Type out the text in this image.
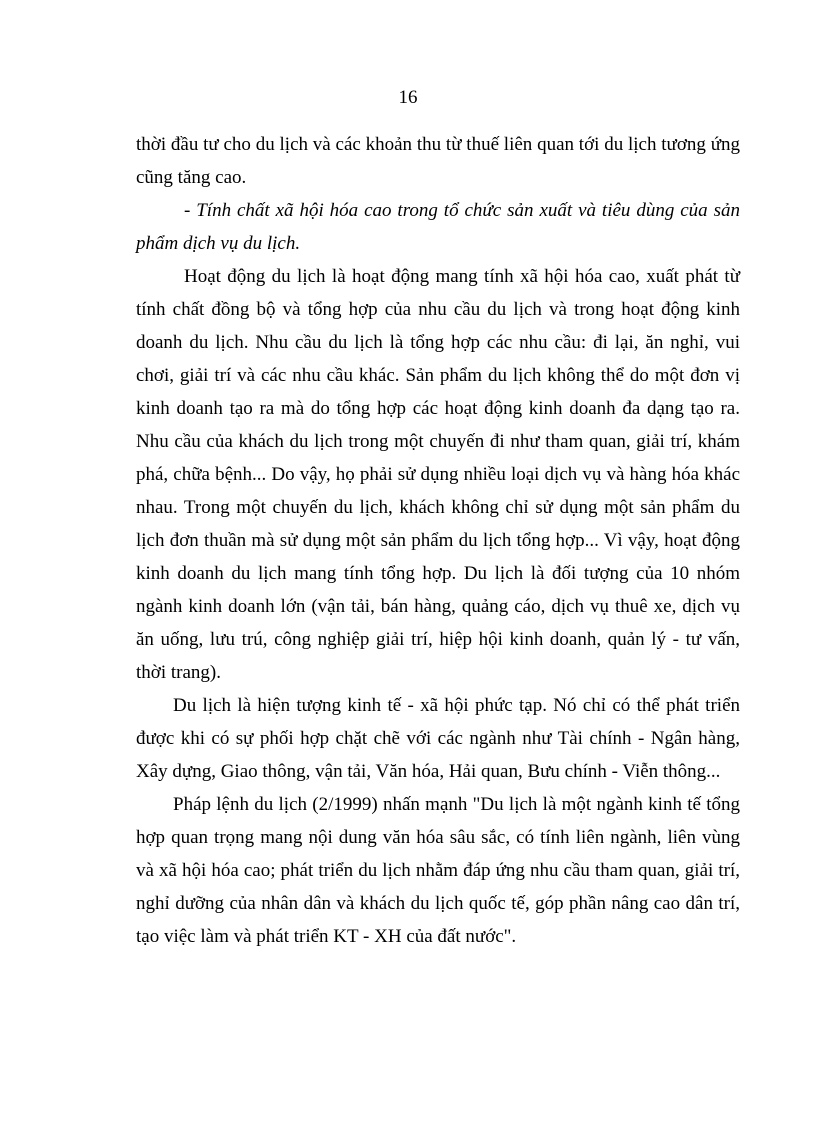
16

thời đầu tư cho du lịch và các khoản thu từ thuế liên quan tới du lịch tương ứng cũng tăng cao.

- Tính chất xã hội hóa cao trong tổ chức sản xuất và tiêu dùng của sản phẩm dịch vụ du lịch.

Hoạt động du lịch là hoạt động mang tính xã hội hóa cao, xuất phát từ tính chất đồng bộ và tổng hợp của nhu cầu du lịch và trong hoạt động kinh doanh du lịch. Nhu cầu du lịch là tổng hợp các nhu cầu: đi lại, ăn nghỉ, vui chơi, giải trí và các nhu cầu khác. Sản phẩm du lịch không thể do một đơn vị kinh doanh tạo ra mà do tổng hợp các hoạt động kinh doanh đa dạng tạo ra. Nhu cầu của khách du lịch trong một chuyến đi như tham quan, giải trí, khám phá, chữa bệnh... Do vậy, họ phải sử dụng nhiều loại dịch vụ và hàng hóa khác nhau. Trong một chuyến du lịch, khách không chỉ sử dụng một sản phẩm du lịch đơn thuần mà sử dụng một sản phẩm du lịch tổng hợp... Vì vậy, hoạt động kinh doanh du lịch mang tính tổng hợp. Du lịch là đối tượng của 10 nhóm ngành kinh doanh lớn (vận tải, bán hàng, quảng cáo, dịch vụ thuê xe, dịch vụ ăn uống, lưu trú, công nghiệp giải trí, hiệp hội kinh doanh, quản lý - tư vấn, thời trang).

Du lịch là hiện tượng kinh tế - xã hội phức tạp. Nó chỉ có thể phát triển được khi có sự phối hợp chặt chẽ với các ngành như Tài chính - Ngân hàng, Xây dựng, Giao thông, vận tải, Văn hóa, Hải quan, Bưu chính - Viễn thông...

Pháp lệnh du lịch (2/1999) nhấn mạnh "Du lịch là một ngành kinh tế tổng hợp quan trọng mang nội dung văn hóa sâu sắc, có tính liên ngành, liên vùng và xã hội hóa cao; phát triển du lịch nhằm đáp ứng nhu cầu tham quan, giải trí, nghỉ dưỡng của nhân dân và khách du lịch quốc tế, góp phần nâng cao dân trí, tạo việc làm và phát triển KT - XH của đất nước".
